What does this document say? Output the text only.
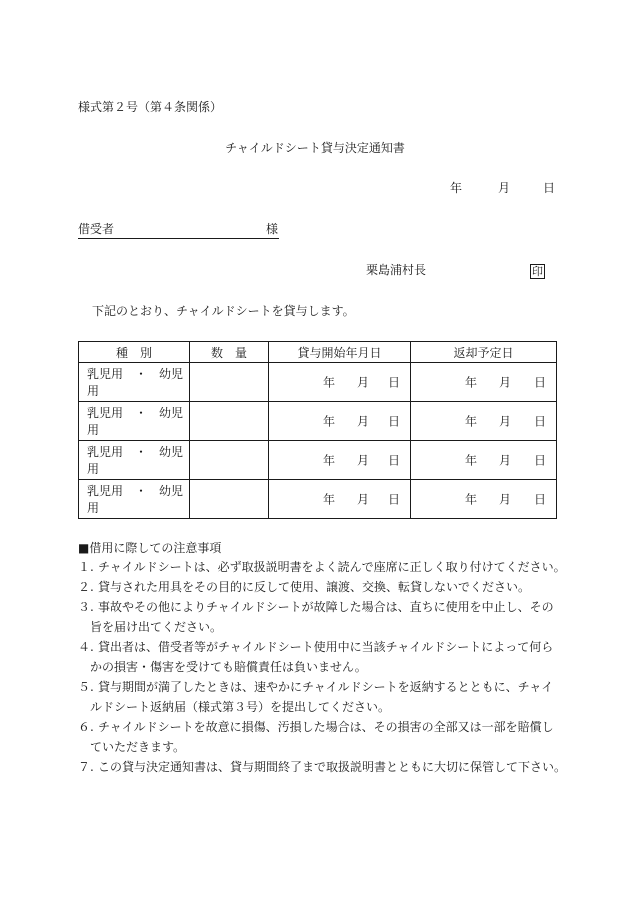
様式第２号（第４条関係）
チャイルドシート貸与決定通知書
年	月	日
借受者	様
栗島浦村長	印
下記のとおり、チャイルドシートを貸与します。
種　別	数　量	貸与開始年月日	返却予定日
乳児用　・　幼児用		年 月 日	年 月 日

乳児用　・　幼児用		年 月 日	年 月 日

乳児用　・　幼児用		年 月 日	年 月 日

乳児用　・　幼児用		年 月 日	年 月 日
■借用に際しての注意事項
１. チャイルドシートは、必ず取扱説明書をよく読んで座席に正しく取り付けてください。
２. 貸与された用具をその目的に反して使用、譲渡、交換、転貸しないでください。
３. 事故やその他によりチャイルドシートが故障した場合は、直ちに使用を中止し、その
旨を届け出てください。
４. 貸出者は、借受者等がチャイルドシート使用中に当該チャイルドシートによって何ら
かの損害・傷害を受けても賠償責任は負いません。
５. 貸与期間が満了したときは、速やかにチャイルドシートを返納するとともに、チャイ
ルドシート返納届（様式第３号）を提出してください。
６. チャイルドシートを故意に損傷、汚損した場合は、その損害の全部又は一部を賠償し
ていただきます。
７. この貸与決定通知書は、貸与期間終了まで取扱説明書とともに大切に保管して下さい。
